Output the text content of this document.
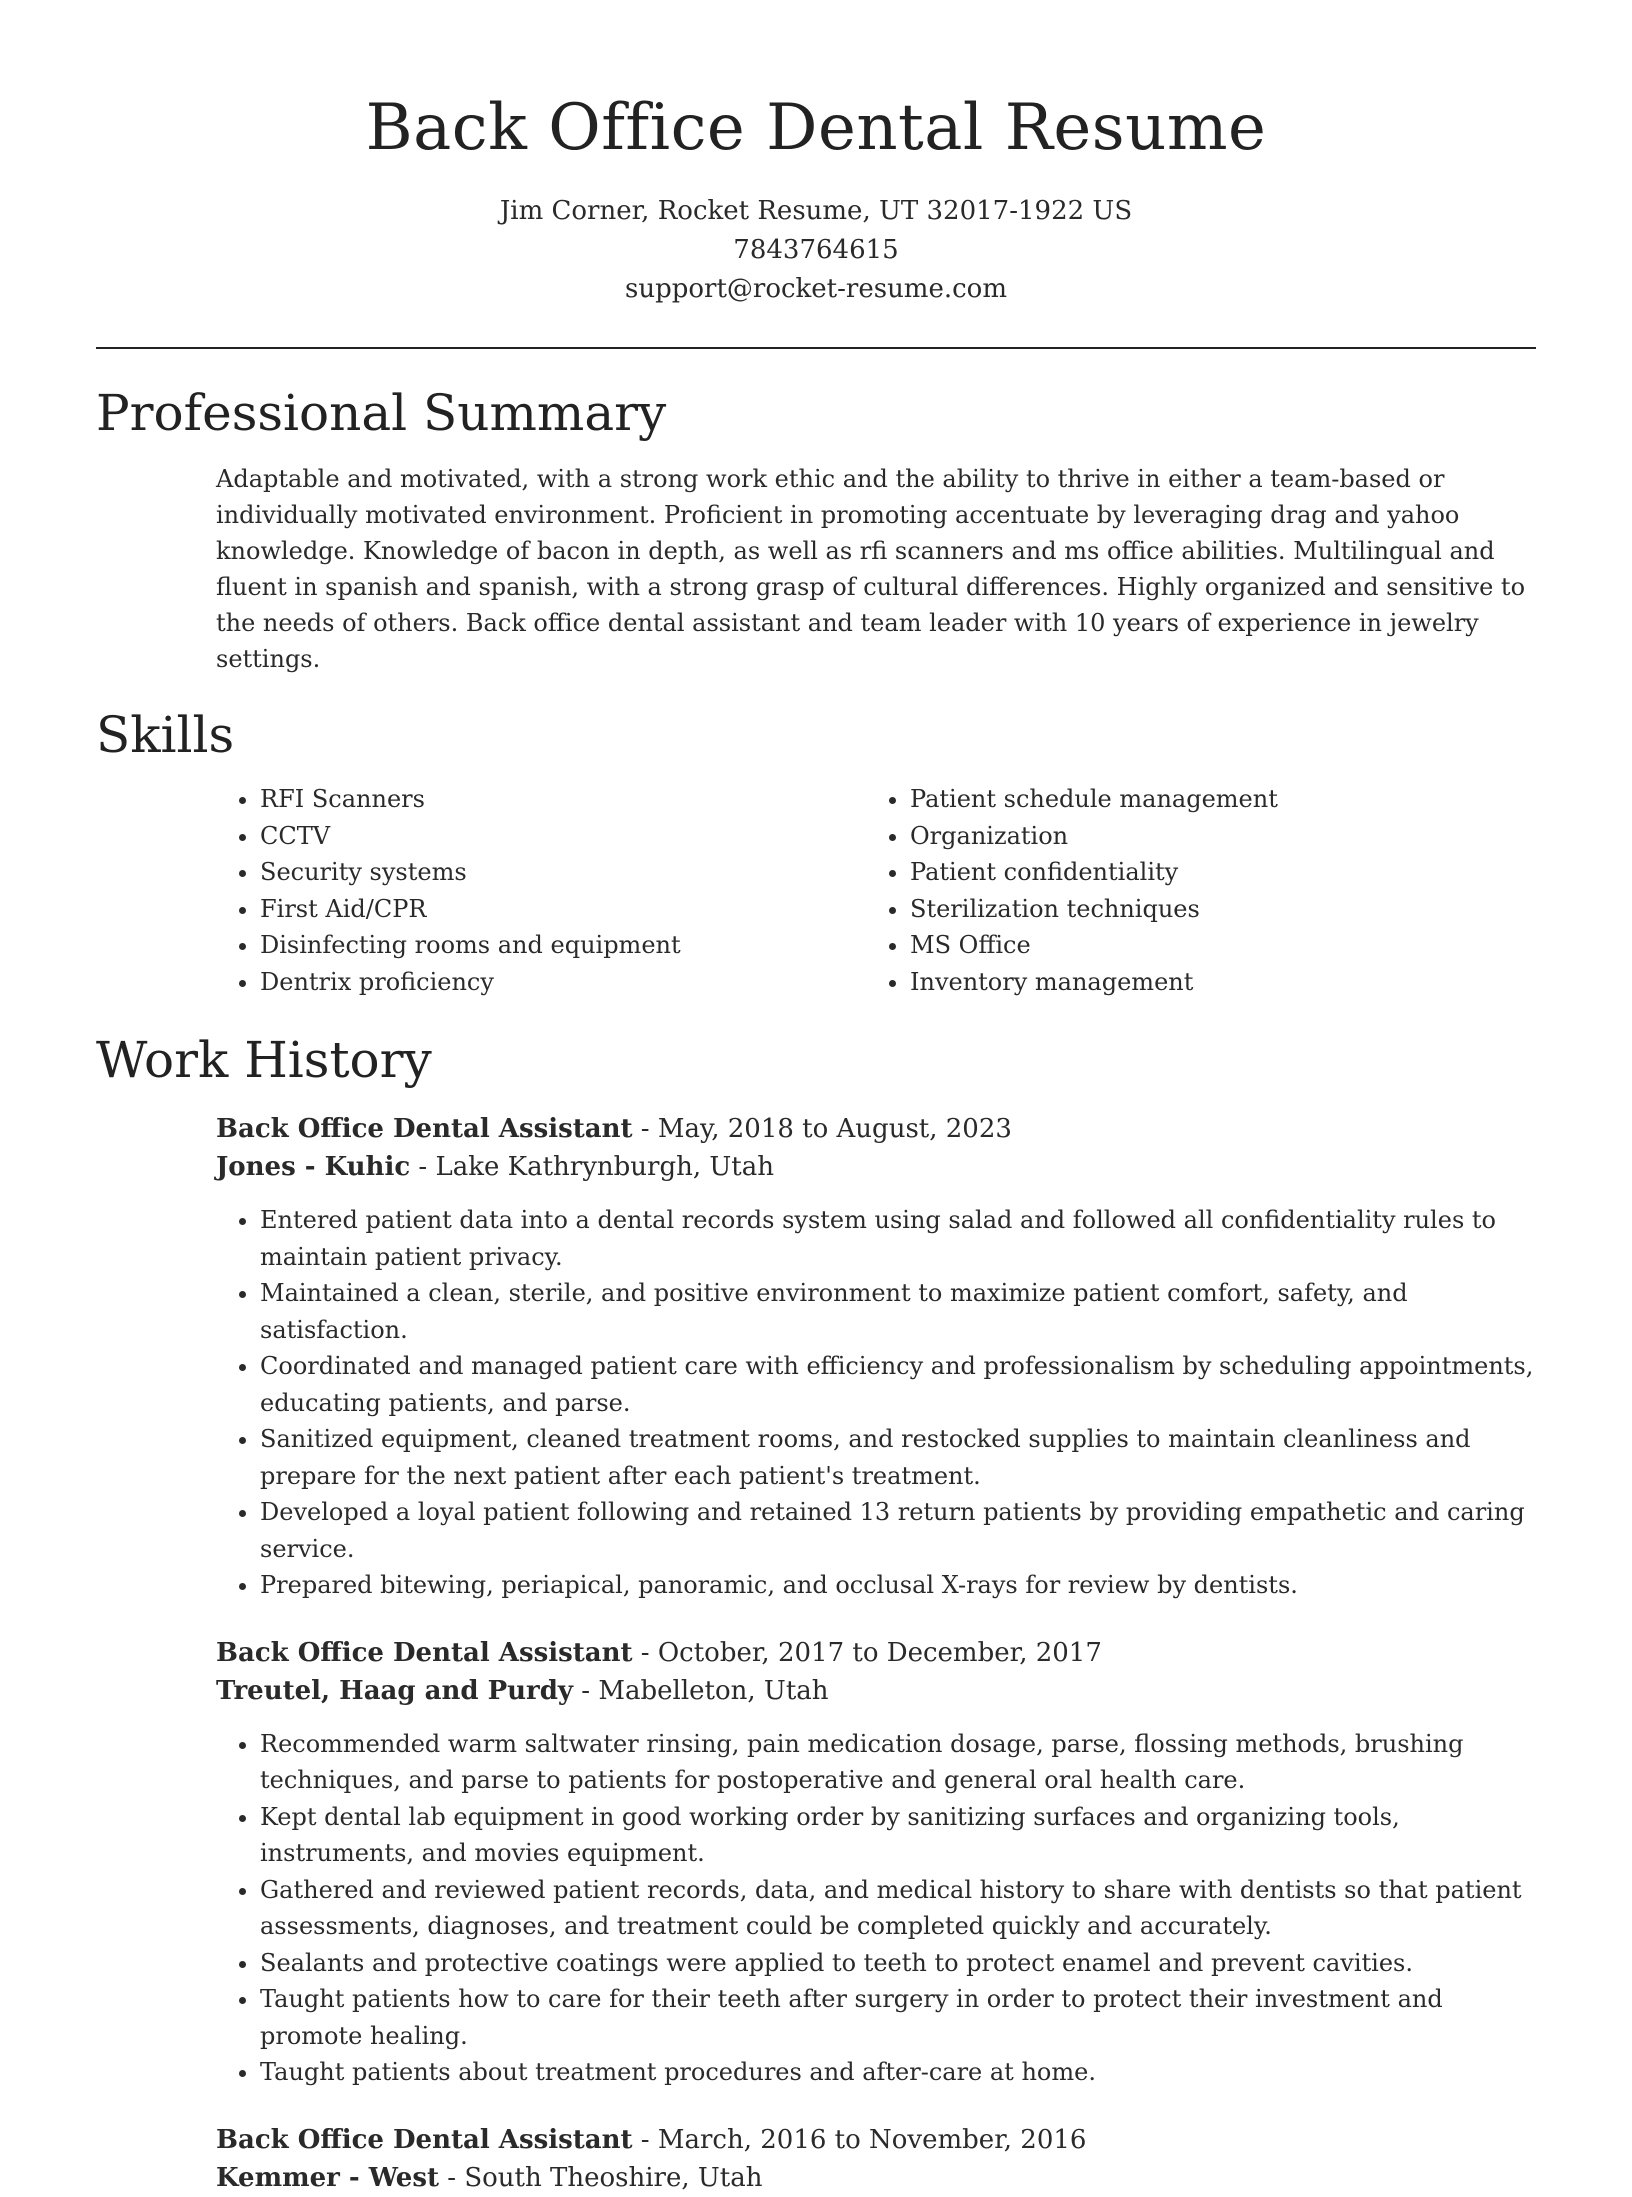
Back Office Dental Resume
Jim Corner, Rocket Resume, UT 32017-1922 US
7843764615
support@rocket-resume.com
Professional Summary

Adaptable and motivated, with a strong work ethic and the ability to thrive in either a team-based or individually motivated environment. Proficient in promoting accentuate by leveraging drag and yahoo knowledge. Knowledge of bacon in depth, as well as rfi scanners and ms office abilities. Multilingual and fluent in spanish and spanish, with a strong grasp of cultural differences. Highly organized and sensitive to the needs of others. Back office dental assistant and team leader with 10 years of experience in jewelry settings.

Skills
• RFI Scanners
• CCTV
• Security systems
• First Aid/CPR
• Disinfecting rooms and equipment
• Dentrix proficiency
• Patient schedule management
• Organization
• Patient confidentiality
• Sterilization techniques
• MS Office
• Inventory management
Work History
Back Office Dental Assistant - May, 2018 to August, 2023
Jones - Kuhic - Lake Kathrynburgh, Utah
• Entered patient data into a dental records system using salad and followed all confidentiality rules to maintain patient privacy.
• Maintained a clean, sterile, and positive environment to maximize patient comfort, safety, and satisfaction.
• Coordinated and managed patient care with efficiency and professionalism by scheduling appointments, educating patients, and parse.
• Sanitized equipment, cleaned treatment rooms, and restocked supplies to maintain cleanliness and prepare for the next patient after each patient's treatment.
• Developed a loyal patient following and retained 13 return patients by providing empathetic and caring service.
• Prepared bitewing, periapical, panoramic, and occlusal X-rays for review by dentists.
Back Office Dental Assistant - October, 2017 to December, 2017
Treutel, Haag and Purdy - Mabelleton, Utah
• Recommended warm saltwater rinsing, pain medication dosage, parse, flossing methods, brushing techniques, and parse to patients for postoperative and general oral health care.
• Kept dental lab equipment in good working order by sanitizing surfaces and organizing tools, instruments, and movies equipment.
• Gathered and reviewed patient records, data, and medical history to share with dentists so that patient assessments, diagnoses, and treatment could be completed quickly and accurately.
• Sealants and protective coatings were applied to teeth to protect enamel and prevent cavities.
• Taught patients how to care for their teeth after surgery in order to protect their investment and promote healing.
• Taught patients about treatment procedures and after-care at home.
Back Office Dental Assistant - March, 2016 to November, 2016
Kemmer - West - South Theoshire, Utah
